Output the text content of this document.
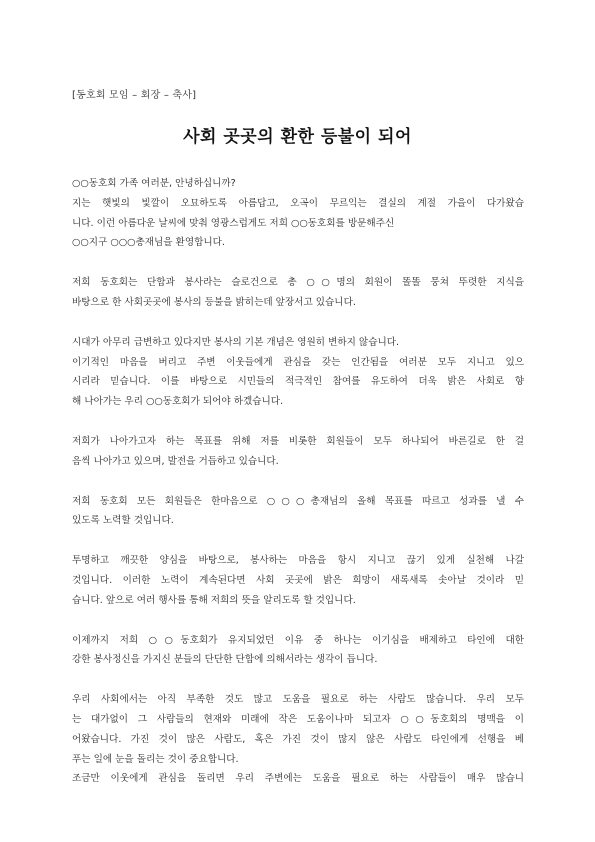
[동호회 모임 – 회장 – 축사]
사회 곳곳의 환한 등불이 되어
○○동호회 가족 여러분, 안녕하십니까?
지는 햇빛의 빛깔이 오묘하도록 아름답고, 오곡이 무르익는 결실의 계절 가을이 다가왔습
니다. 이런 아름다운 날씨에 맞춰 영광스럽게도 저희 ○○동호회를 방문해주신
○○지구 ○○○총재님을 환영합니다.
저희 동호회는 단합과 봉사라는 슬로건으로 총 ○○명의 회원이 똘똘 뭉쳐 뚜렷한 지식을
바탕으로 한 사회곳곳에 봉사의 등불을 밝히는데 앞장서고 있습니다.
시대가 아무리 급변하고 있다지만 봉사의 기본 개념은 영원히 변하지 않습니다.
이기적인 마음을 버리고 주변 이웃들에게 관심을 갖는 인간됨을 여러분 모두 지니고 있으
시리라 믿습니다. 이를 바탕으로 시민들의 적극적인 참여를 유도하여 더욱 밝은 사회로 향
해 나아가는 우리 ○○동호회가 되어야 하겠습니다.
저희가 나아가고자 하는 목표를 위해 저를 비롯한 회원들이 모두 하나되어 바른길로 한 걸
음씩 나아가고 있으며, 발전을 거듭하고 있습니다.
저희 동호회 모든 회원들은 한마음으로 ○○○총재님의 올해 목표를 따르고 성과를 낼 수
있도록 노력할 것입니다.
투명하고 깨끗한 양심을 바탕으로, 봉사하는 마음을 항시 지니고 끊기 있게 실천해 나갈
것입니다. 이러한 노력이 계속된다면 사회 곳곳에 밝은 희망이 새록새록 솟아날 것이라 믿
습니다. 앞으로 여러 행사를 통해 저희의 뜻을 알리도록 할 것입니다.
이제까지 저희 ○○동호회가 유지되었던 이유 중 하나는 이기심을 배제하고 타인에 대한
강한 봉사정신을 가지신 분들의 단단한 단합에 의해서라는 생각이 듭니다.
우리 사회에서는 아직 부족한 것도 많고 도움을 필요로 하는 사람도 많습니다. 우리 모두
는 대가없이 그 사람들의 현재와 미래에 작은 도움이나마 되고자 ○○동호회의 명맥을 이
어왔습니다. 가진 것이 많은 사람도, 혹은 가진 것이 많지 않은 사람도 타인에게 선행을 베
푸는 일에 눈을 돌리는 것이 중요합니다.
조금만 이웃에게 관심을 돌리면 우리 주변에는 도움을 필요로 하는 사람들이 매우 많습니
